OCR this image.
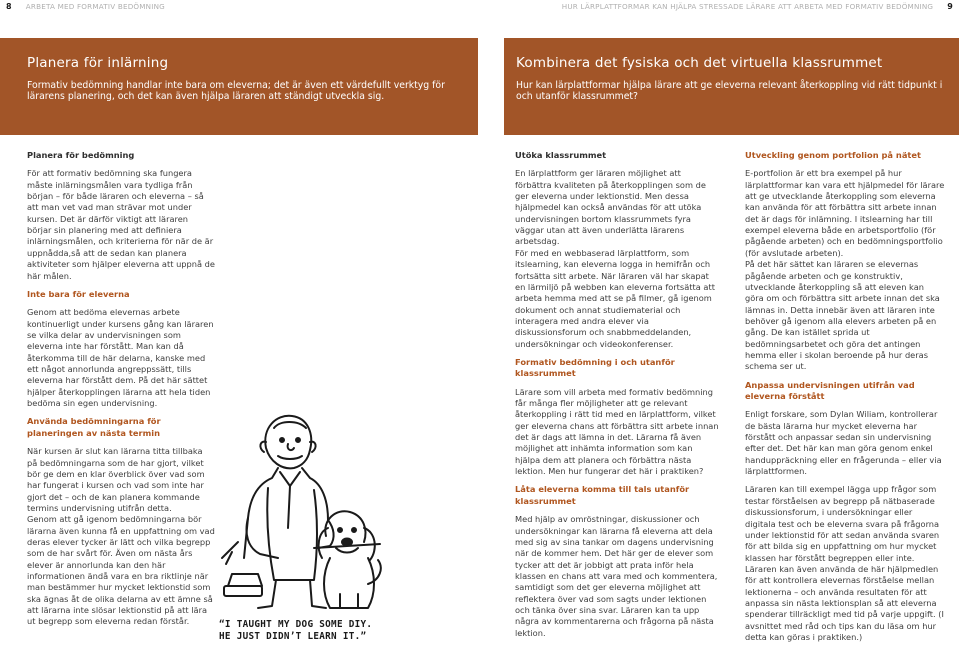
8 ARBETA MED FORMATIV BEDÖMNING	HUR LÄRPLATTFORMAR KAN HJÄLPA STRESSADE LÄRARE ATT ARBETA MED FORMATIV BEDÖMNING 9
Planera för inlärning

Formativ bedömning handlar inte bara om eleverna; det är även ett värdefullt verktyg för lärarens planering, och det kan även hjälpa läraren att ständigt utveckla sig.

Kombinera det fysiska och det virtuella klassrummet

Hur kan lärplattformar hjälpa lärare att ge eleverna relevant återkoppling vid rätt tidpunkt i och utanför klassrummet?

Planera för bedömning

För att formativ bedömning ska fungera måste inlärningsmålen vara tydliga från början – för både läraren och eleverna – så att man vet vad man strävar mot under kursen. Det är därför viktigt att läraren börjar sin planering med att definiera inlärningsmålen, och kriterierna för när de är uppnådda,så att de sedan kan planera aktiviteter som hjälper eleverna att uppnå de här målen.

Inte bara för eleverna

Genom att bedöma elevernas arbete kontinuerligt under kursens gång kan läraren se vilka delar av undervisningen som eleverna inte har förstått. Man kan då återkomma till de här delarna, kanske med ett något annorlunda angreppssätt, tills eleverna har förstått dem. På det här sättet hjälper återkopplingen lärarna att hela tiden bedöma sin egen undervisning.

Använda bedömningarna för planeringen av nästa termin

När kursen är slut kan lärarna titta tillbaka på bedömningarna som de har gjort, vilket bör ge dem en klar överblick över vad som har fungerat i kursen och vad som inte har gjort det – och de kan planera kommande termins undervisning utifrån detta.

Genom att gå igenom bedömningarna bör lärarna även kunna få en uppfattning om vad deras elever tycker är lätt och vilka begrepp som de har svårt för. Även om nästa års elever är annorlunda kan den här informationen ändå vara en bra riktlinje när man bestämmer hur mycket lektionstid som ska ägnas åt de olika delarna av ett ämne så att lärarna inte slösar lektionstid på att lära ut begrepp som eleverna redan förstår.	“I TAUGHT MY DOG SOME DIY.
HE JUST DIDN’T LEARN IT.”
Utöka klassrummet

En lärplattform ger läraren möjlighet att förbättra kvaliteten på återkopplingen som de ger eleverna under lektionstid. Men dessa hjälpmedel kan också användas för att utöka undervisningen bortom klassrummets fyra väggar utan att även underlätta lärarens arbetsdag.

För med en webbaserad lärplattform, som itslearning, kan eleverna logga in hemifrån och fortsätta sitt arbete. När läraren väl har skapat en lärmiljö på webben kan eleverna fortsätta att arbeta hemma med att se på filmer, gå igenom dokument och annat studiematerial och interagera med andra elever via diskussionsforum och snabbmeddelanden, undersökningar och videokonferenser.

Formativ bedömning i och utanför klassrummet

Lärare som vill arbeta med formativ bedömning får många fler möjligheter att ge relevant återkoppling i rätt tid med en lärplattform, vilket ger eleverna chans att förbättra sitt arbete innan det är dags att lämna in det. Lärarna få även möjlighet att inhämta information som kan hjälpa dem att planera och förbättra nästa lektion. Men hur fungerar det här i praktiken?

Låta eleverna komma till tals utanför klassrummet

Med hjälp av omröstningar, diskussioner och undersökningar kan lärarna få eleverna att dela med sig av sina tankar om dagens undervisning när de kommer hem. Det här ger de elever som tycker att det är jobbigt att prata inför hela klassen en chans att vara med och kommentera, samtidigt som det ger eleverna möjlighet att reflektera över vad som sagts under lektionen och tänka över sina svar. Läraren kan ta upp några av kommentarerna och frågorna på nästa lektion.

Utveckling genom portfolion på nätet

E-portfolion är ett bra exempel på hur lärplattformar kan vara ett hjälpmedel för lärare att ge utvecklande återkoppling som eleverna kan använda för att förbättra sitt arbete innan det är dags för inlämning. I itslearning har till exempel eleverna både en arbetsportfolio (för pågående arbeten) och en bedömningsportfolio (för avslutade arbeten).

På det här sättet kan läraren se elevernas pågående arbeten och ge konstruktiv, utvecklande återkoppling så att eleven kan göra om och förbättra sitt arbete innan det ska lämnas in. Detta innebär även att läraren inte behöver gå igenom alla elevers arbeten på en gång. De kan istället sprida ut bedömningsarbetet och göra det antingen hemma eller i skolan beroende på hur deras schema ser ut.

Anpassa undervisningen utifrån vad eleverna förstått

Enligt forskare, som Dylan Wiliam, kontrollerar de bästa lärarna hur mycket eleverna har förstått och anpassar sedan sin undervisning efter det. Det här kan man göra genom enkel handuppräckning eller en frågerunda – eller via lärplattformen.

Läraren kan till exempel lägga upp frågor som testar förståelsen av begrepp på nätbaserade diskussionsforum, i undersökningar eller digitala test och be eleverna svara på frågorna under lektionstid för att sedan använda svaren för att bilda sig en uppfattning om hur mycket klassen har förstått begreppen eller inte. Läraren kan även använda de här hjälpmedlen för att kontrollera elevernas förståelse mellan lektionerna – och använda resultaten för att anpassa sin nästa lektionsplan så att eleverna spenderar tillräckligt med tid på varje uppgift. (I avsnittet med råd och tips kan du läsa om hur detta kan göras i praktiken.)
